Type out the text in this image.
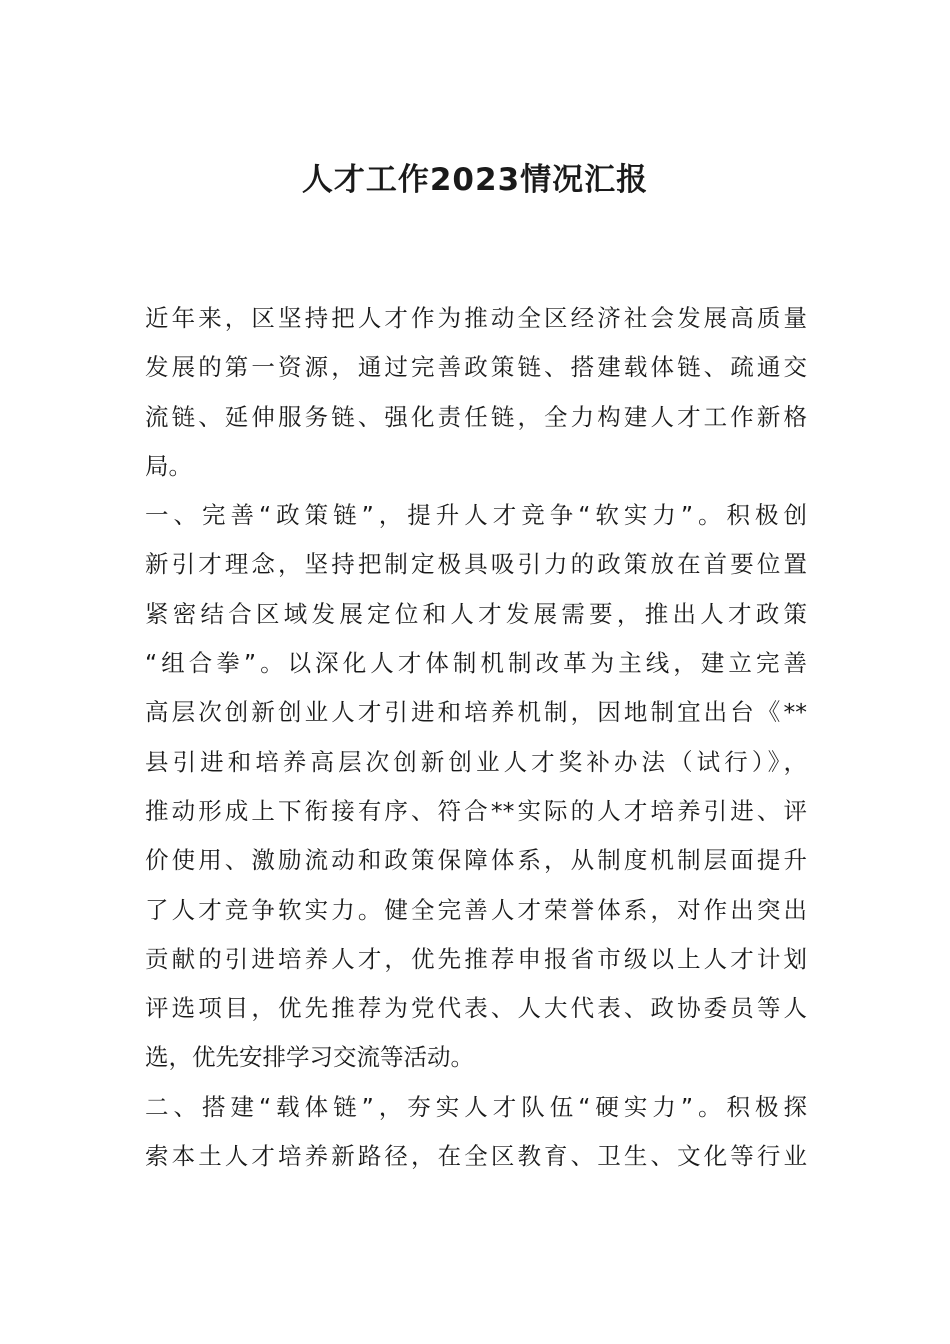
人才工作2023情况汇报
近年来，区坚持把人才作为推动全区经济社会发展高质量
发展的第一资源，通过完善政策链、搭建载体链、疏通交
流链、延伸服务链、强化责任链，全力构建人才工作新格
局。
一、完善“政策链”，提升人才竞争“软实力”。积极创
新引才理念，坚持把制定极具吸引力的政策放在首要位置
紧密结合区域发展定位和人才发展需要，推出人才政策
“组合拳”。以深化人才体制机制改革为主线，建立完善
高层次创新创业人才引进和培养机制，因地制宜出台《**
县引进和培养高层次创新创业人才奖补办法（试行）》，
推动形成上下衔接有序、符合**实际的人才培养引进、评
价使用、激励流动和政策保障体系，从制度机制层面提升
了人才竞争软实力。健全完善人才荣誉体系，对作出突出
贡献的引进培养人才，优先推荐申报省市级以上人才计划
评选项目，优先推荐为党代表、人大代表、政协委员等人
选，优先安排学习交流等活动。
二、搭建“载体链”，夯实人才队伍“硬实力”。积极探
索本土人才培养新路径，在全区教育、卫生、文化等行业
